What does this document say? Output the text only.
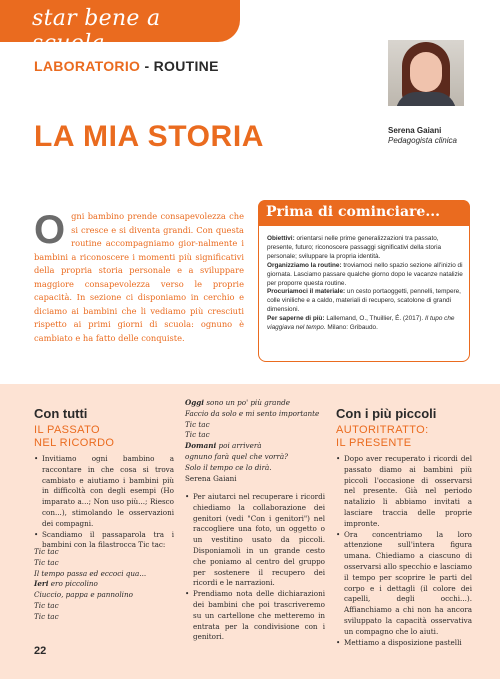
star bene a scuola
LABORATORIO - ROUTINE
LA MIA STORIA	Serena Gaiani
Pedagogista clinica
O gni bambino prende consapevolezza che si cresce e si diventa grandi. Con questa routine accompagniamo gior-nalmente i bambini a riconoscere i momenti più significativi della propria storia personale e a sviluppare maggiore consapevolezza verso le proprie capacità. In sezione ci disponiamo in cerchio e diciamo ai bambini che li vediamo più cresciuti rispetto ai primi giorni di scuola: ognuno è cambiato e ha fatto delle conquiste.
Prima di cominciare...

Obiettivi: orientarsi nelle prime generalizzazioni tra passato, presente, futuro; riconoscere passaggi significativi della storia personale; sviluppare la propria identità.

Organizziamo la routine: troviamoci nello spazio sezione all'inizio di giornata. Lasciamo passare qualche giorno dopo le vacanze natalizie per proporre questa routine.

Procuriamoci il materiale: un cesto portaoggetti, pennelli, tempere, colle viniliche e a caldo, materiali di recupero, scatolone di grandi dimensioni.

Per saperne di più: Lallemand, O., Thuillier, É. (2017). Il tupo che viaggiava nel tempo. Milano: Gribaudo.

Con tutti
IL PASSATO
NEL RICORDO
• Invitiamo ogni bambino a raccontare in che cosa si trova cambiato e aiutiamo i bambini più in difficoltà con degli esempi (Ho imparato a...; Non uso più...; Riesco con...), stimolando le osservazioni dei compagni.
• Scandiamo il passaparola tra i bambini con la filastrocca Tic tac:
Tic tac
Tic tac
Il tempo passa ed eccoci qua...
Ieri ero piccolino
Ciuccio, pappa e pannolino
Tic tac
Tic tac
Oggi sono un po' più grande
Faccio da solo e mi sento importante
Tic tac
Tic tac
Domani poi arriverà
ognuno farà quel che vorrà?
Solo il tempo ce lo dirà.
Serena Gaiani
• Per aiutarci nel recuperare i ricordi chiediamo la collaborazione dei genitori (vedi "Con i genitori") nel raccogliere una foto, un oggetto o un vestitino usato da piccoli. Disponiamoli in un grande cesto che poniamo al centro del gruppo per sostenere il recupero dei ricordi e le narrazioni.
• Prendiamo nota delle dichiarazioni dei bambini che poi trascriveremo su un cartellone che metteremo in entrata per la condivisione con i genitori.
Con i più piccoli
AUTORITRATTO:
IL PRESENTE
• Dopo aver recuperato i ricordi del passato diamo ai bambini più piccoli l'occasione di osservarsi nel presente. Già nel periodo natalizio li abbiamo invitati a lasciare traccia delle proprie impronte.
• Ora concentriamo la loro attenzione sull'intera figura umana. Chiediamo a ciascuno di osservarsi allo specchio e lasciamo il tempo per scoprire le parti del corpo e i dettagli (il colore dei capelli, degli occhi...). Affianchiamo a chi non ha ancora sviluppato la capacità osservativa un compagno che lo aiuti.
• Mettiamo a disposizione pastelli
22
